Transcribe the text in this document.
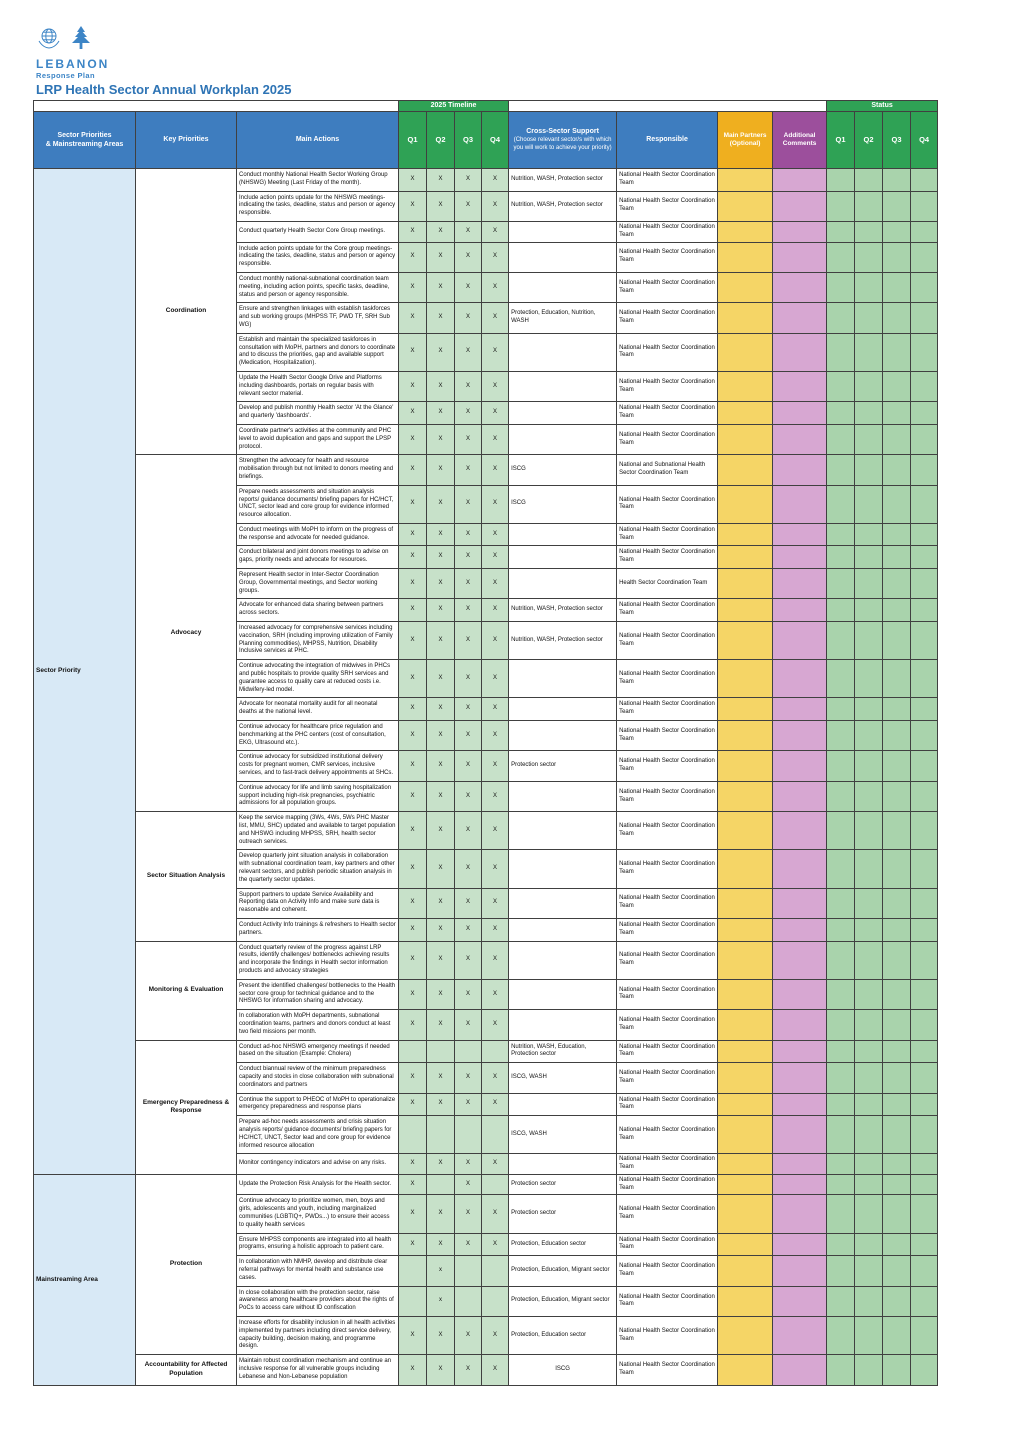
LEBANON
Response Plan
LRP Health Sector Annual Workplan 2025
			2025 Timeline								Status			
Sector Priorities
& Mainstreaming Areas	Key Priorities	Main Actions	Q1	Q2	Q3	Q4	Cross-Sector Support
(Choose relevant sector/s with which you will work to achieve your priority)	Responsible	Main Partners (Optional)	Additional Comments	Q1	Q2	Q3	Q4
Sector Priority	Coordination	Conduct monthly National Health Sector Working Group (NHSWG) Meeting (Last Friday of the month).	X	X	X	X	Nutrition, WASH, Protection sector	National Health Sector Coordination Team						
		Include action points update for the NHSWG meetings- indicating the tasks, deadline, status and person or agency responsible.	X	X	X	X	Nutrition, WASH, Protection sector	National Health Sector Coordination Team						
		Conduct quarterly Health Sector Core Group meetings.	X	X	X	X		National Health Sector Coordination Team						
		Include action points update for the Core group meetings- indicating the tasks, deadline, status and person or agency responsible.	X	X	X	X		National Health Sector Coordination Team						
		Conduct monthly national-subnational coordination team meeting, including action points, specific tasks, deadline, status and person or agency responsible.	X	X	X	X		National Health Sector Coordination Team						
		Ensure and strengthen linkages with establish taskforces and sub working groups (MHPSS TF, PWD TF, SRH Sub WG)	X	X	X	X	Protection, Education, Nutrition, WASH	National Health Sector Coordination Team						
		Establish and maintain the specialized taskforces in consultation with MoPH, partners and donors to coordinate and to discuss the priorities, gap and available support (Medication, Hospitalization).	X	X	X	X		National Health Sector Coordination Team						
		Update the Health Sector Google Drive and Platforms including dashboards, portals on regular basis with relevant sector material.	X	X	X	X		National Health Sector Coordination Team						
		Develop and publish monthly Health sector 'At the Glance' and quarterly 'dashboards'.	X	X	X	X		National Health Sector Coordination Team						
		Coordinate partner's activities at the community and PHC level to avoid duplication and gaps and support the LPSP protocol.	X	X	X	X		National Health Sector Coordination Team						
	Advocacy	Strengthen the advocacy for health and resource mobilisation through but not limited to donors meeting and briefings.	X	X	X	X	ISCG	National and Subnational Health Sector Coordination Team						
		Prepare needs assessments and situation analysis reports/ guidance documents/ briefing papers for HC/HCT, UNCT, sector lead and core group for evidence informed resource allocation.	X	X	X	X	ISCG	National Health Sector Coordination Team						
		Conduct meetings with MoPH to inform on the progress of the response and advocate for needed guidance.	X	X	X	X		National Health Sector Coordination Team						
		Conduct bilateral and joint donors meetings to advise on gaps, priority needs and advocate for resources.	X	X	X	X		National Health Sector Coordination Team						
		Represent Health sector in Inter-Sector Coordination Group, Governmental meetings, and Sector working groups.	X	X	X	X		Health Sector Coordination Team						
		Advocate for enhanced data sharing between partners across sectors.	X	X	X	X	Nutrition, WASH, Protection sector	National Health Sector Coordination Team						
		Increased advocacy for comprehensive services including vaccination, SRH (including improving utilization of Family Planning commodities), MHPSS, Nutrition, Disability Inclusive services at PHC.	X	X	X	X	Nutrition, WASH, Protection sector	National Health Sector Coordination Team						
		Continue advocating the integration of midwives in PHCs and public hospitals to provide quality SRH services and guarantee access to quality care at reduced costs i.e. Midwifery-led model.	X	X	X	X		National Health Sector Coordination Team						
		Advocate for neonatal mortality audit for all neonatal deaths at the national level.	X	X	X	X		National Health Sector Coordination Team						
		Continue advocacy for healthcare price regulation and benchmarking at the PHC centers (cost of consultation, EKG, Ultrasound etc.).	X	X	X	X		National Health Sector Coordination Team						
		Continue advocacy for subsidized institutional delivery costs for pregnant women, CMR services, inclusive services, and to fast-track delivery appointments at SHCs.	X	X	X	X	Protection sector	National Health Sector Coordination Team						
		Continue advocacy for life and limb saving hospitalization support including high-risk pregnancies, psychiatric admissions for all population groups.	X	X	X	X		National Health Sector Coordination Team						
	Sector Situation Analysis	Keep the service mapping (3Ws, 4Ws, 5Ws PHC Master list, MMU, SHC) updated and available to target population and NHSWG including MHPSS, SRH, health sector outreach services.	X	X	X	X		National Health Sector Coordination Team						
		Develop quarterly joint situation analysis in collaboration with subnational coordination team, key partners and other relevant sectors, and publish periodic situation analysis in the quarterly sector updates.	X	X	X	X		National Health Sector Coordination Team						
		Support partners to update Service Availability and Reporting data on Activity Info and make sure data is reasonable and coherent.	X	X	X	X		National Health Sector Coordination Team						
		Conduct Activity Info trainings & refreshers to Health sector partners.	X	X	X	X		National Health Sector Coordination Team						
	Monitoring & Evaluation	Conduct quarterly review of the progress against LRP results, identify challenges/ bottlenecks achieving results and incorporate the findings in Health sector information products and advocacy strategies	X	X	X	X		National Health Sector Coordination Team						
		Present the identified challenges/ bottlenecks to the Health sector core group for technical guidance and to the NHSWG for information sharing and advocacy.	X	X	X	X		National Health Sector Coordination Team						
		In collaboration with MoPH departments, subnational coordination teams, partners and donors conduct at least two field missions per month.	X	X	X	X		National Health Sector Coordination Team						
	Emergency Preparedness & Response	Conduct ad-hoc NHSWG emergency meetings if needed based on the situation (Example: Cholera)					Nutrition, WASH, Education, Protection sector	National Health Sector Coordination Team						
		Conduct biannual review of the minimum preparedness capacity and stocks in close collaboration with subnational coordinators and partners	X	X	X	X	ISCG, WASH	National Health Sector Coordination Team						
		Continue the support to PHEOC of MoPH to operationalize emergency preparedness and response plans	X	X	X	X		National Health Sector Coordination Team						
		Prepare ad-hoc needs assessments and crisis situation analysis reports/ guidance documents/ briefing papers for HC/HCT, UNCT, Sector lead and core group for evidence informed resource allocation					ISCG, WASH	National Health Sector Coordination Team						
		Monitor contingency indicators and advise on any risks.	X	X	X	X		National Health Sector Coordination Team						
Mainstreaming Area	Protection	Update the Protection Risk Analysis for the Health sector.	X		X		Protection sector	National Health Sector Coordination Team						
		Continue advocacy to prioritize women, men, boys and girls, adolescents and youth, including marginalized communities (LGBTIQ+, PWDs...) to ensure their access to quality health services	X	X	X	X	Protection sector	National Health Sector Coordination Team						
		Ensure MHPSS components are integrated into all health programs, ensuring a holistic approach to patient care.	X	X	X	X	Protection, Education sector	National Health Sector Coordination Team						
		In collaboration with NMHP, develop and distribute clear referral pathways for mental health and substance use cases.		x			Protection, Education, Migrant sector	National Health Sector Coordination Team						
		In close collaboration with the protection sector, raise awareness among healthcare providers about the rights of PoCs to access care without ID confiscation		x			Protection, Education, Migrant sector	National Health Sector Coordination Team						
		Increase efforts for disability inclusion in all health activities implemented by partners including direct service delivery, capacity building, decision making, and programme design.	X	X	X	X	Protection, Education sector	National Health Sector Coordination Team						
	Accountability for Affected Population	Maintain robust coordination mechanism and continue an inclusive response for all vulnerable groups including Lebanese and Non-Lebanese population	X	X	X	X	ISCG	National Health Sector Coordination Team						
